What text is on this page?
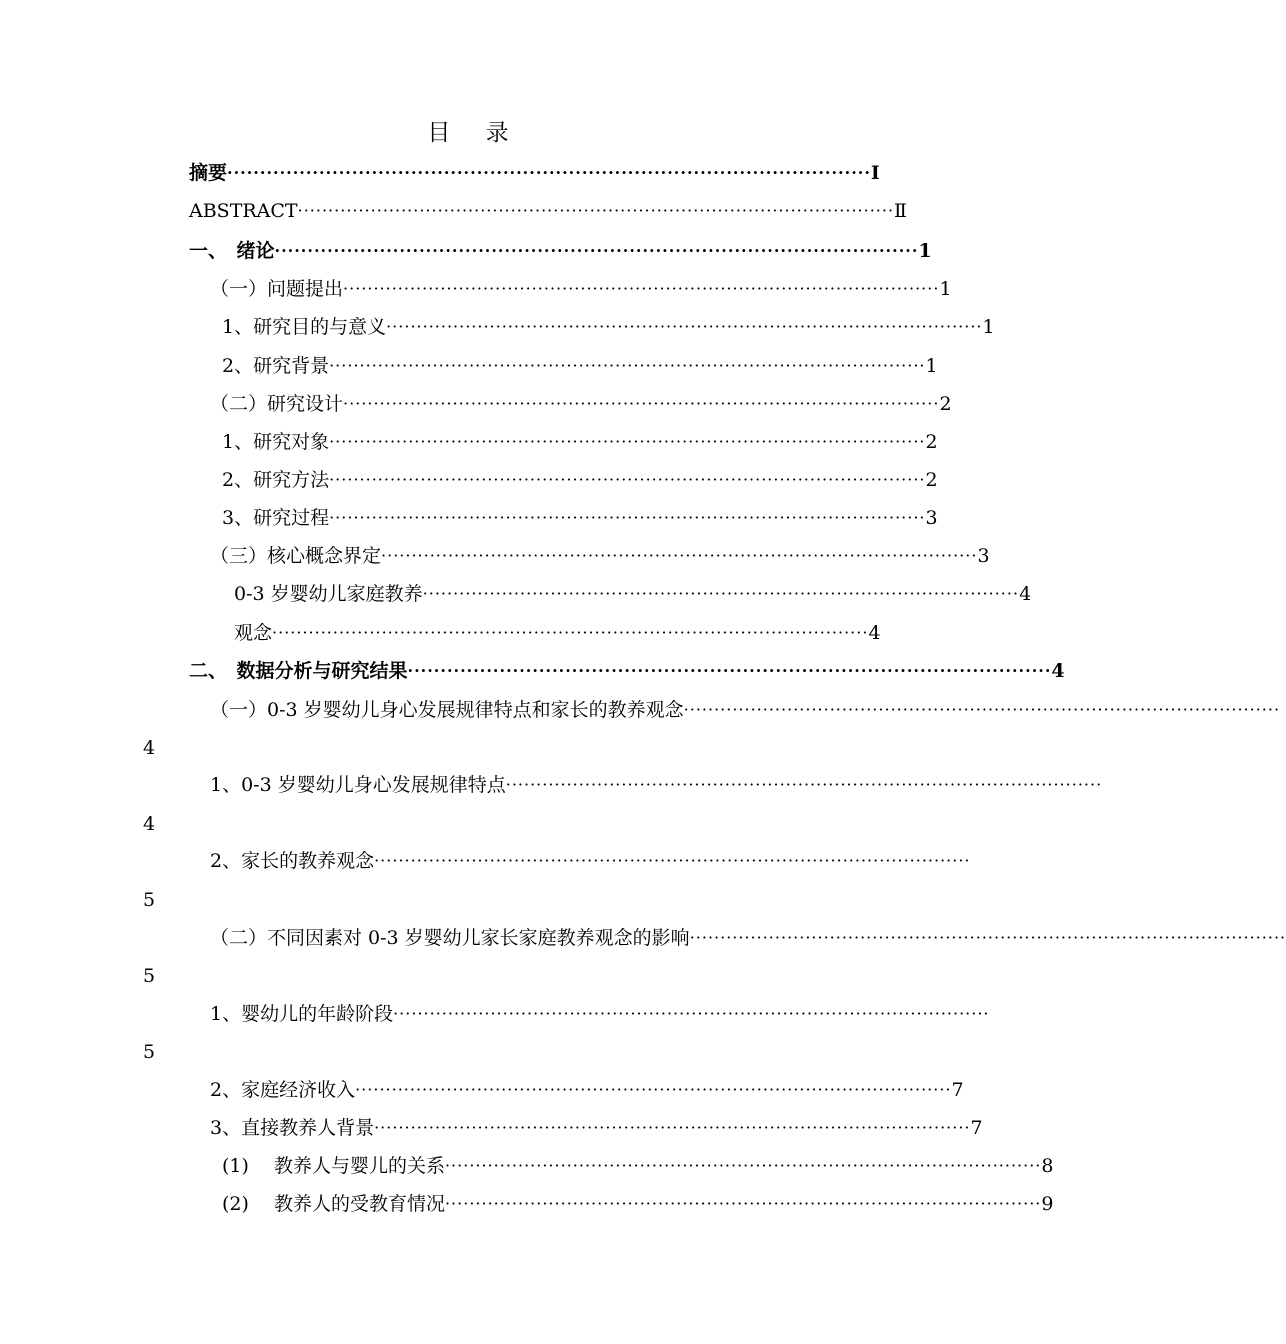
目 录
摘要 ·································································································· Ⅰ
ABSTRACT ·································································································· Ⅱ
一、　绪论 ·································································································· 1
（一）问题提出 ·································································································· 1
1、研究目的与意义 ·································································································· 1
2、研究背景 ·································································································· 1
（二）研究设计 ·································································································· 2
1、研究对象 ·································································································· 2
2、研究方法 ·································································································· 2
3、研究过程 ·································································································· 3
（三）核心概念界定 ·································································································· 3
0-3 岁婴幼儿家庭教养 ·································································································· 4
观念 ·································································································· 4
二、　数据分析与研究结果 ·································································································· 4
（一）0-3 岁婴幼儿身心发展规律特点和家长的教养观念 ··································································································
4
1、0-3 岁婴幼儿身心发展规律特点 ··································································································
4
2、家长的教养观念 ··································································································
5
（二）不同因素对 0-3 岁婴幼儿家长家庭教养观念的影响 ··································································································
5
1、婴幼儿的年龄阶段 ··································································································
5
2、家庭经济收入 ·································································································· 7
3、直接教养人背景 ·································································································· 7
(1)　 教养人与婴儿的关系 ·································································································· 8
(2)　 教养人的受教育情况 ·································································································· 9
